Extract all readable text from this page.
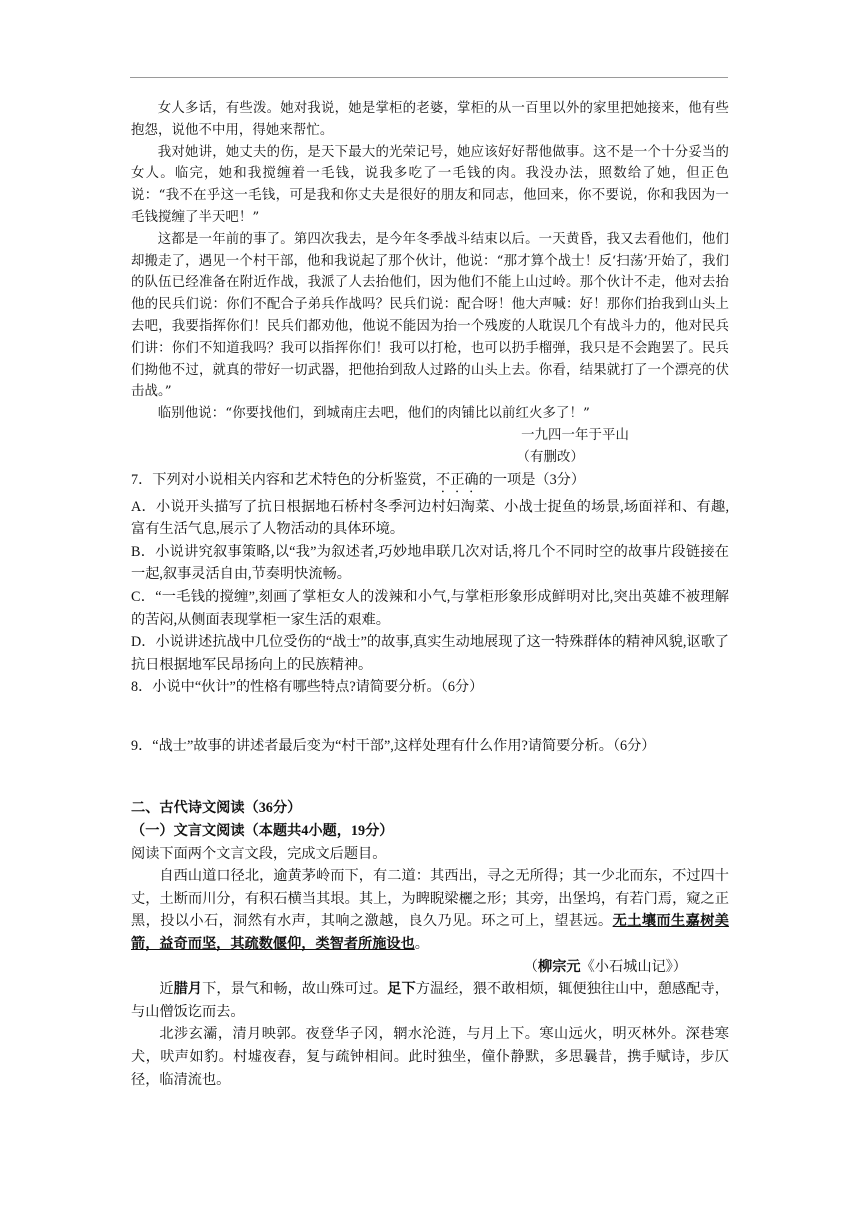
女人多话，有些泼。她对我说，她是掌柜的老婆，掌柜的从一百里以外的家里把她接来，他有些抱怨，说他不中用，得她来帮忙。

我对她讲，她丈夫的伤，是天下最大的光荣记号，她应该好好帮他做事。这不是一个十分妥当的女人。临完，她和我搅缠着一毛钱，说我多吃了一毛钱的肉。我没办法，照数给了她，但正色说：“我不在乎这一毛钱，可是我和你丈夫是很好的朋友和同志，他回来，你不要说，你和我因为一毛钱搅缠了半天吧！”

这都是一年前的事了。第四次我去，是今年冬季战斗结束以后。一天黄昏，我又去看他们，他们却搬走了，遇见一个村干部，他和我说起了那个伙计，他说：“那才算个战士！反‘扫荡’开始了，我们的队伍已经准备在附近作战，我派了人去抬他们，因为他们不能上山过岭。那个伙计不走，他对去抬他的民兵们说：你们不配合子弟兵作战吗？民兵们说：配合呀！他大声喊：好！那你们抬我到山头上去吧，我要指挥你们！民兵们都劝他，他说不能因为抬一个残废的人耽误几个有战斗力的，他对民兵们讲：你们不知道我吗？我可以指挥你们！我可以打枪，也可以扔手榴弹，我只是不会跑罢了。民兵们拗他不过，就真的带好一切武器，把他抬到敌人过路的山头上去。你看，结果就打了一个漂亮的伏击战。”

临别他说：“你要找他们，到城南庄去吧，他们的肉铺比以前红火多了！”

一九四一年于平山

（有删改）

7．下列对小说相关内容和艺术特色的分析鉴赏，不正确的一项是（3分）

A．小说开头描写了抗日根据地石桥村冬季河边村妇淘菜、小战士捉鱼的场景,场面祥和、有趣,富有生活气息,展示了人物活动的具体环境。

B．小说讲究叙事策略,以“我”为叙述者,巧妙地串联几次对话,将几个不同时空的故事片段链接在一起,叙事灵活自由,节奏明快流畅。

C．“一毛钱的搅缠”,刻画了掌柜女人的泼辣和小气,与掌柜形象形成鲜明对比,突出英雄不被理解的苦闷,从侧面表现掌柜一家生活的艰难。

D．小说讲述抗战中几位受伤的“战士”的故事,真实生动地展现了这一特殊群体的精神风貌,讴歌了抗日根据地军民昂扬向上的民族精神。

8．小说中“伙计”的性格有哪些特点?请简要分析。（6分）

9．“战士”故事的讲述者最后变为“村干部”,这样处理有什么作用?请简要分析。（6分）

二、古代诗文阅读（36分）

（一）文言文阅读（本题共4小题，19分）

阅读下面两个文言文段，完成文后题目。

自西山道口径北，逾黄茅岭而下，有二道：其西出，寻之无所得；其一少北而东，不过四十丈，土断而川分，有积石横当其垠。其上，为睥睨梁欐之形；其旁，出堡坞，有若门焉，窥之正黑，投以小石，洞然有水声，其响之激越，良久乃见。环之可上，望甚远。无土壤而生嘉树美箭，益奇而坚，其疏数偃仰，类智者所施设也。

（柳宗元《小石城山记》）

近腊月下，景气和畅，故山殊可过。足下方温经，猥不敢相烦，辄便独往山中，憩感配寺，与山僧饭讫而去。

北涉玄灞，清月映郭。夜登华子冈，辋水沦涟，与月上下。寒山远火，明灭林外。深巷寒犬，吠声如豹。村墟夜舂，复与疏钟相间。此时独坐，僮仆静默，多思曩昔，携手赋诗，步仄径，临清流也。
